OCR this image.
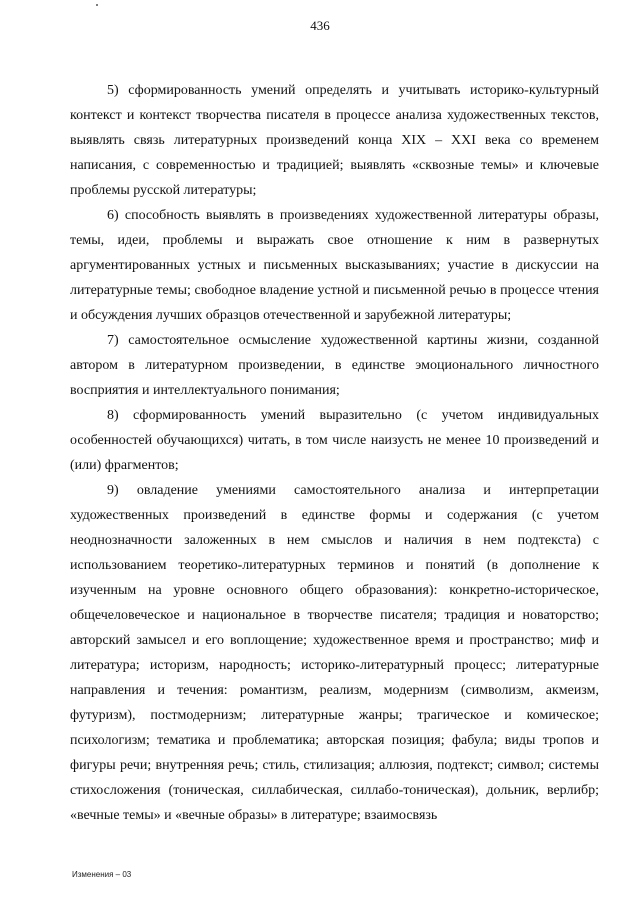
436

5) сформированность умений определять и учитывать историко-культурный контекст и контекст творчества писателя в процессе анализа художественных текстов, выявлять связь литературных произведений конца XIX – XXI века со временем написания, с современностью и традицией; выявлять «сквозные темы» и ключевые проблемы русской литературы;

6) способность выявлять в произведениях художественной литературы образы, темы, идеи, проблемы и выражать свое отношение к ним в развернутых аргументированных устных и письменных высказываниях; участие в дискуссии на литературные темы; свободное владение устной и письменной речью в процессе чтения и обсуждения лучших образцов отечественной и зарубежной литературы;

7) самостоятельное осмысление художественной картины жизни, созданной автором в литературном произведении, в единстве эмоционального личностного восприятия и интеллектуального понимания;

8) сформированность умений выразительно (с учетом индивидуальных особенностей обучающихся) читать, в том числе наизусть не менее 10 произведений и (или) фрагментов;

9) овладение умениями самостоятельного анализа и интерпретации художественных произведений в единстве формы и содержания (с учетом неоднозначности заложенных в нем смыслов и наличия в нем подтекста) с использованием теоретико-литературных терминов и понятий (в дополнение к изученным на уровне основного общего образования): конкретно-историческое, общечеловеческое и национальное в творчестве писателя; традиция и новаторство; авторский замысел и его воплощение; художественное время и пространство; миф и литература; историзм, народность; историко-литературный процесс; литературные направления и течения: романтизм, реализм, модернизм (символизм, акмеизм, футуризм), постмодернизм; литературные жанры; трагическое и комическое; психологизм; тематика и проблематика; авторская позиция; фабула; виды тропов и фигуры речи; внутренняя речь; стиль, стилизация; аллюзия, подтекст; символ; системы стихосложения (тоническая, силлабическая, силлабо-тоническая), дольник, верлибр; «вечные темы» и «вечные образы» в литературе; взаимосвязь

Изменения – 03
